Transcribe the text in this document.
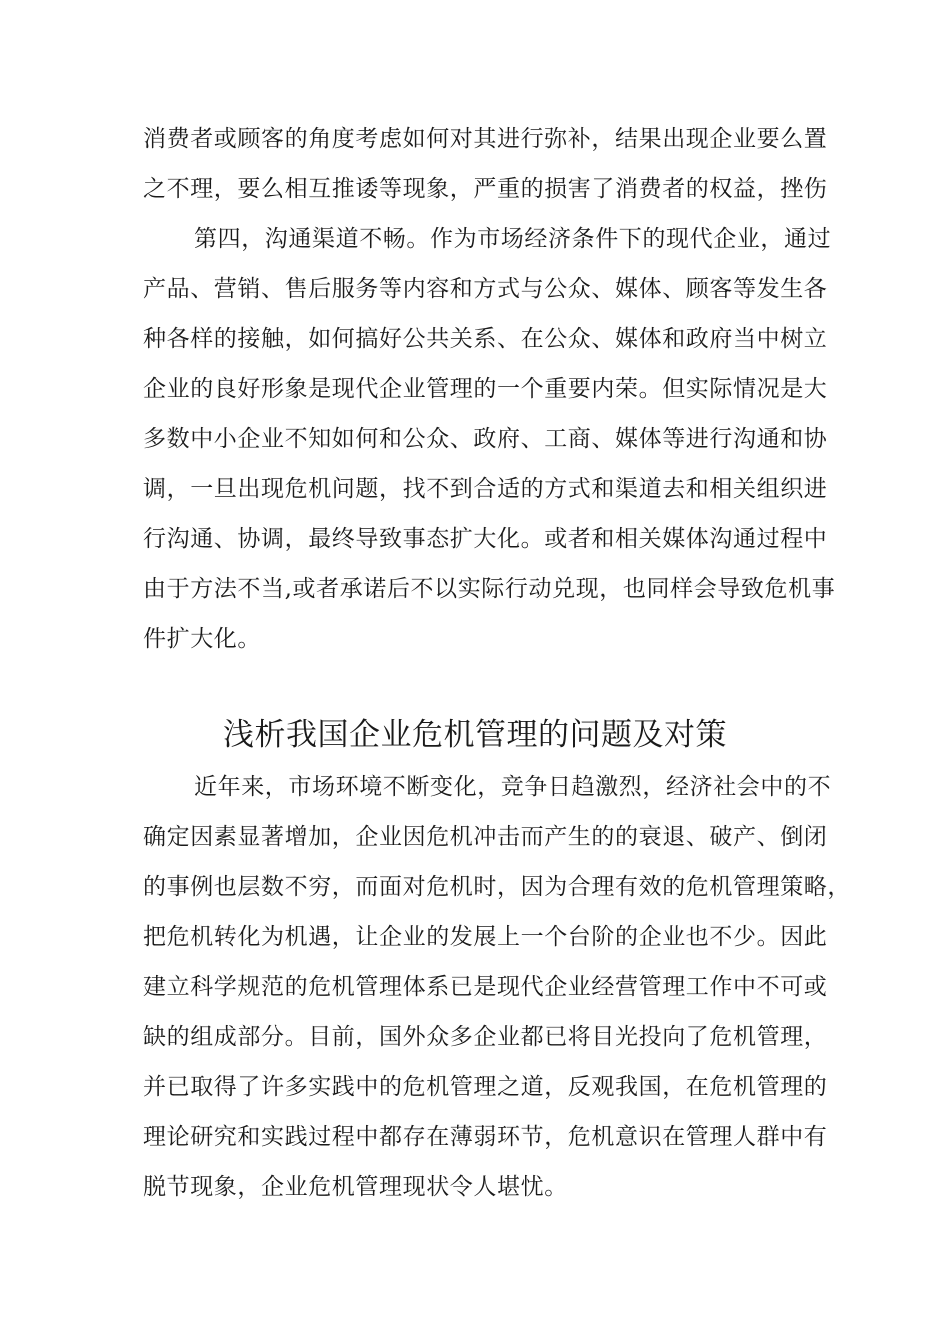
消费者或顾客的角度考虑如何对其进行弥补，结果出现企业要么置
之不理，要么相互推诿等现象，严重的损害了消费者的权益，挫伤
第四，沟通渠道不畅。作为市场经济条件下的现代企业，通过
产品、营销、售后服务等内容和方式与公众、媒体、顾客等发生各
种各样的接触，如何搞好公共关系、在公众、媒体和政府当中树立
企业的良好形象是现代企业管理的一个重要内荣。但实际情况是大
多数中小企业不知如何和公众、政府、工商、媒体等进行沟通和协
调，一旦出现危机问题，找不到合适的方式和渠道去和相关组织进
行沟通、协调，最终导致事态扩大化。或者和相关媒体沟通过程中
由于方法不当,或者承诺后不以实际行动兑现，也同样会导致危机事
件扩大化。
浅析我国企业危机管理的问题及对策
近年来，市场环境不断变化，竞争日趋激烈，经济社会中的不
确定因素显著增加，企业因危机冲击而产生的的衰退、破产、倒闭
的事例也层数不穷，而面对危机时，因为合理有效的危机管理策略，
把危机转化为机遇，让企业的发展上一个台阶的企业也不少。因此
建立科学规范的危机管理体系已是现代企业经营管理工作中不可或
缺的组成部分。目前，国外众多企业都已将目光投向了危机管理，
并已取得了许多实践中的危机管理之道，反观我国，在危机管理的
理论研究和实践过程中都存在薄弱环节，危机意识在管理人群中有
脱节现象，企业危机管理现状令人堪忧。
